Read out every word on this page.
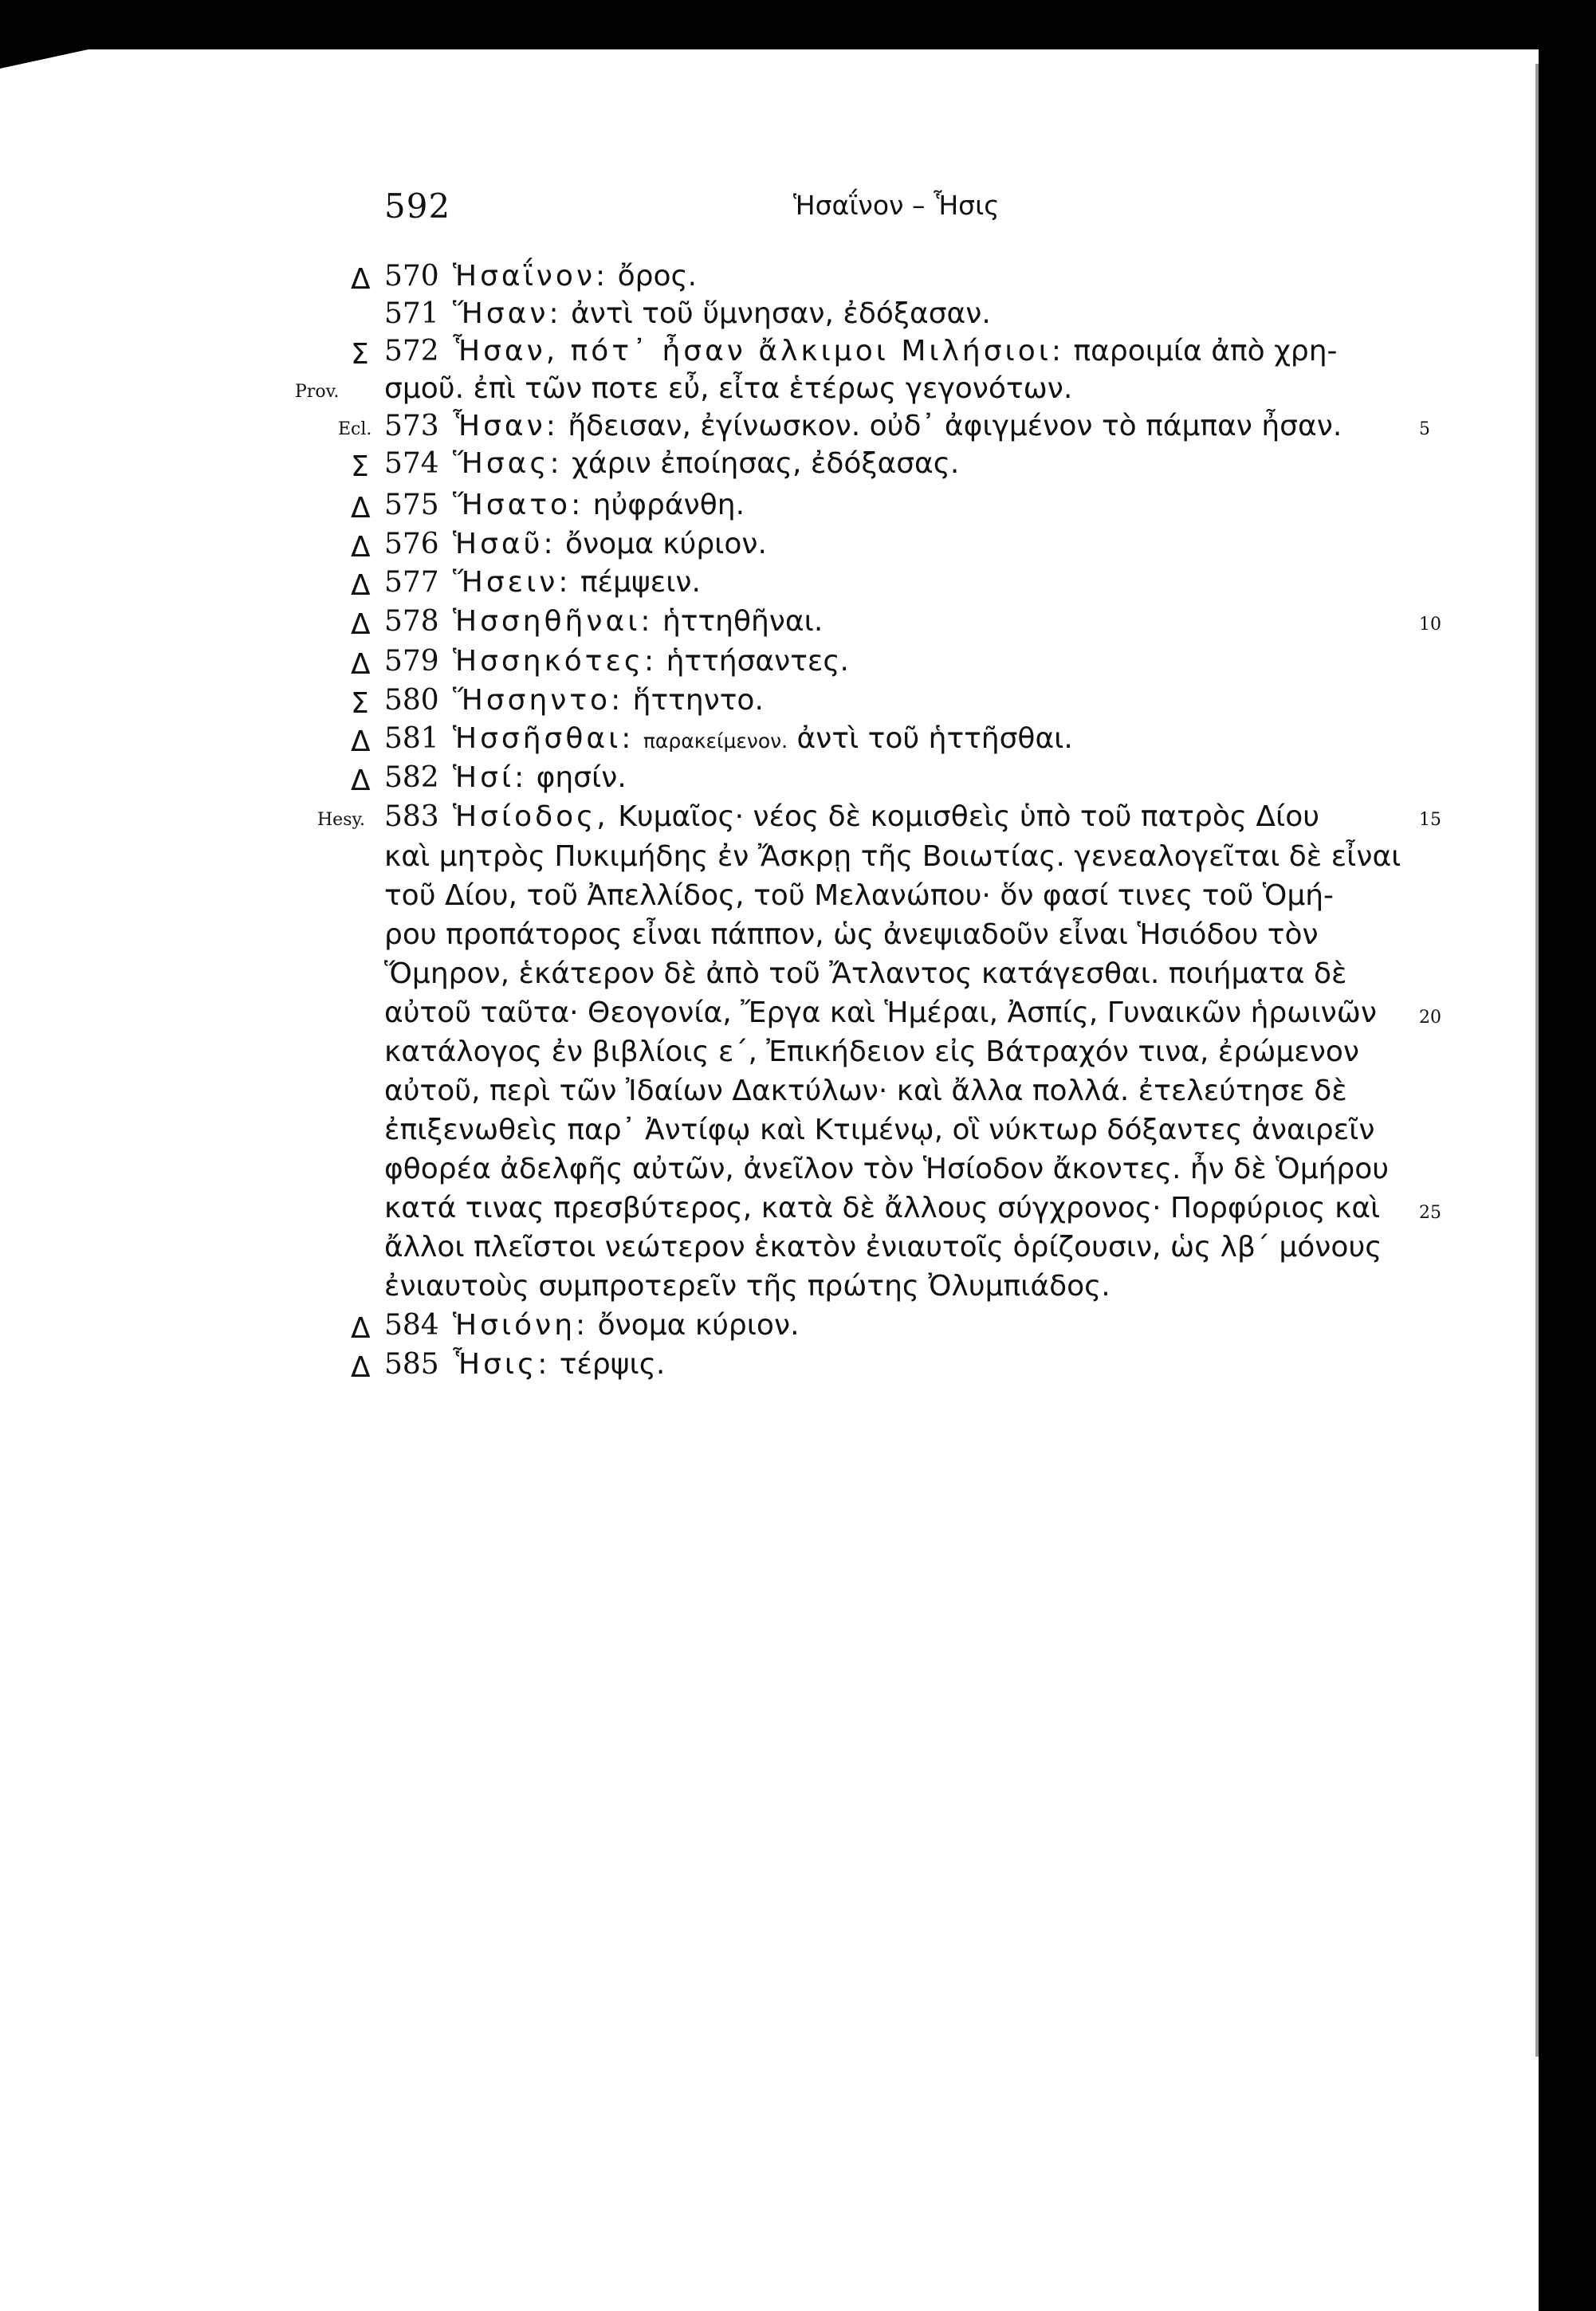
592	Ἡσαΐνον – Ἧσις
Δ 570 Ἡσαΐνον: ὄρος.
571 Ἥσαν: ἀντὶ τοῦ ὕμνησαν, ἐδόξασαν.
Σ 572 Ἧσαν, πότ᾽ ἦσαν ἄλκιμοι Μιλήσιοι: παροιμία ἀπὸ χρη-
Prov. σμοῦ. ἐπὶ τῶν ποτε εὖ, εἶτα ἑτέρως γεγονότων.
Ecl. 573 Ἧσαν: ἤδεισαν, ἐγίνωσκον. οὐδ᾽ ἀφιγμένον τὸ πάμπαν ἦσαν.	5
Σ 574 Ἥσας: χάριν ἐποίησας, ἐδόξασας.
Δ 575 Ἥσατο: ηὐφράνθη.
Δ 576 Ἡσαῦ: ὄνομα κύριον.
Δ 577 Ἥσειν: πέμψειν.
Δ 578 Ἡσσηθῆναι: ἡττηθῆναι.	10
Δ 579 Ἡσσηκότες: ἡττήσαντες.
Σ 580 Ἥσσηντο: ἥττηντο.
Δ 581 Ἡσσῆσθαι: παρακείμενον. ἀντὶ τοῦ ἡττῆσθαι.
Δ 582 Ἡσί: φησίν.
Hesy. 583 Ἡσίοδος, Κυμαῖος· νέος δὲ κομισθεὶς ὑπὸ τοῦ πατρὸς Δίου	15
καὶ μητρὸς Πυκιμήδης ἐν Ἄσκρῃ τῆς Βοιωτίας. γενεαλογεῖται δὲ εἶναι
τοῦ Δίου, τοῦ Ἀπελλίδος, τοῦ Μελανώπου· ὅν φασί τινες τοῦ Ὁμή-
ρου προπάτορος εἶναι πάππον, ὡς ἀνεψιαδοῦν εἶναι Ἡσιόδου τὸν
Ὅμηρον, ἑκάτερον δὲ ἀπὸ τοῦ Ἄτλαντος κατάγεσθαι. ποιήματα δὲ
αὐτοῦ ταῦτα· Θεογονία, Ἔργα καὶ Ἡμέραι, Ἀσπίς, Γυναικῶν ἡρωινῶν 20
κατάλογος ἐν βιβλίοις ε΄, Ἐπικήδειον εἰς Βάτραχόν τινα, ἐρώμενον
αὐτοῦ, περὶ τῶν Ἰδαίων Δακτύλων· καὶ ἄλλα πολλά. ἐτελεύτησε δὲ
ἐπιξενωθεὶς παρ᾽ Ἀντίφῳ καὶ Κτιμένῳ, οἳ νύκτωρ δόξαντες ἀναιρεῖν
φθορέα ἀδελφῆς αὐτῶν, ἀνεῖλον τὸν Ἡσίοδον ἄκοντες. ἦν δὲ Ὁμήρου
κατά τινας πρεσβύτερος, κατὰ δὲ ἄλλους σύγχρονος· Πορφύριος καὶ 25
ἄλλοι πλεῖστοι νεώτερον ἑκατὸν ἐνιαυτοῖς ὁρίζουσιν, ὡς λβ΄ μόνους
ἐνιαυτοὺς συμπροτερεῖν τῆς πρώτης Ὀλυμπιάδος.
Δ 584 Ἡσιόνη: ὄνομα κύριον.
Δ 585 Ἧσις: τέρψις.
